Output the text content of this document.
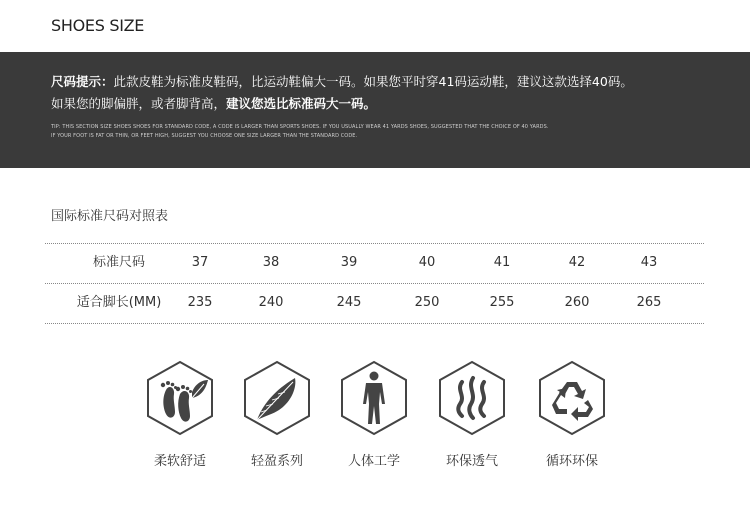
SHOES SIZE
尺码提示：此款皮鞋为标准皮鞋码，比运动鞋偏大一码。如果您平时穿41码运动鞋，建议这款选择40码。
如果您的脚偏胖，或者脚背高，建议您选比标准码大一码。
TIP: THIS SECTION SIZE SHOES SHOES FOR STANDARD CODE, A CODE IS LARGER THAN SPORTS SHOES. IF YOU USUALLY WEAR 41 YARDS SHOES, SUGGESTED THAT THE CHOICE OF 40 YARDS.
IF YOUR FOOT IS FAT OR THIN, OR FEET HIGH, SUGGEST YOU CHOOSE ONE SIZE LARGER THAN THE STANDARD CODE.
国际标准尺码对照表
标准尺码	37	38	39	40	41	42	43
适合脚长(MM) 235	240	245	250	255	260	265
柔软舒适	轻盈系列	人体工学	环保透气	循环环保
